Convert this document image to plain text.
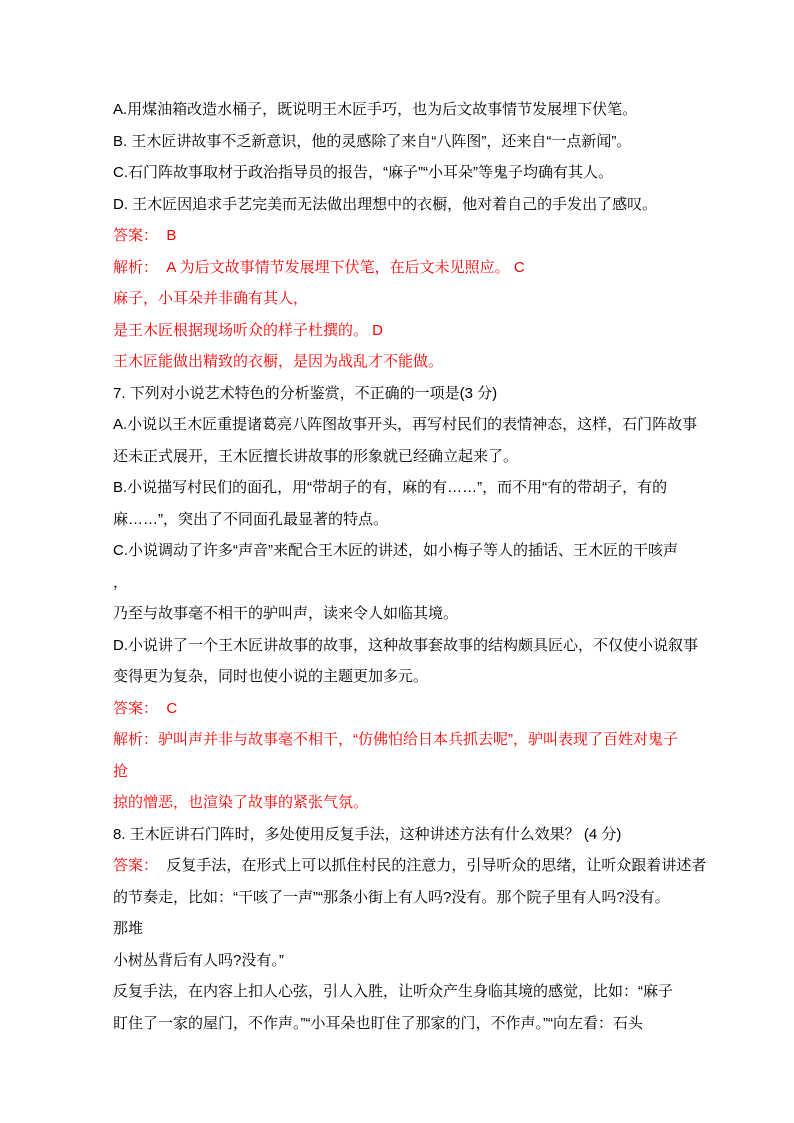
A.用煤油箱改造水桶子，既说明王木匠手巧，也为后文故事情节发展埋下伏笔。
B. 王木匠讲故事不乏新意识，他的灵感除了来自“八阵图”，还来自“一点新闻”。
C.石门阵故事取材于政治指导员的报告，“麻子”“小耳朵”等鬼子均确有其人。
D. 王木匠因追求手艺完美而无法做出理想中的衣橱，他对着自己的手发出了感叹。
答案：  B
解析：  A 为后文故事情节发展埋下伏笔，在后文未见照应。 C
麻子，小耳朵并非确有其人，
是王木匠根据现场听众的样子杜撰的。 D
王木匠能做出精致的衣橱，是因为战乱才不能做。
7. 下列对小说艺术特色的分析鉴赏，不正确的一项是(3 分)
A.小说以王木匠重提诸葛亮八阵图故事开头，再写村民们的表情神态，这样，石门阵故事
还未正式展开，王木匠擅长讲故事的形象就已经确立起来了。
B.小说描写村民们的面孔，用“带胡子的有，麻的有……”，而不用“有的带胡子，有的
麻……”，突出了不同面孔最显著的特点。
C.小说调动了许多“声音”来配合王木匠的讲述，如小梅子等人的插话、王木匠的干咳声
，
乃至与故事毫不相干的驴叫声，读来令人如临其境。
D.小说讲了一个王木匠讲故事的故事，这种故事套故事的结构颇具匠心，不仅使小说叙事
变得更为复杂，同时也使小说的主题更加多元。
答案：  C
解析：驴叫声并非与故事毫不相干，“仿佛怕给日本兵抓去呢”，驴叫表现了百姓对鬼子
抢
掠的憎恶，也渲染了故事的紧张气氛。
8. 王木匠讲石门阵时，多处使用反复手法，这种讲述方法有什么效果？ (4 分)
答案：  反复手法，在形式上可以抓住村民的注意力，引导听众的思绪，让听众跟着讲述者
的节奏走，比如：“干咳了一声”“那条小街上有人吗?没有。那个院子里有人吗?没有。
那堆
小树丛背后有人吗?没有。”
反复手法，在内容上扣人心弦，引人入胜，让听众产生身临其境的感觉，比如：“麻子
盯住了一家的屋门，不作声。”“小耳朵也盯住了那家的门，不作声。”“向左看：石头
